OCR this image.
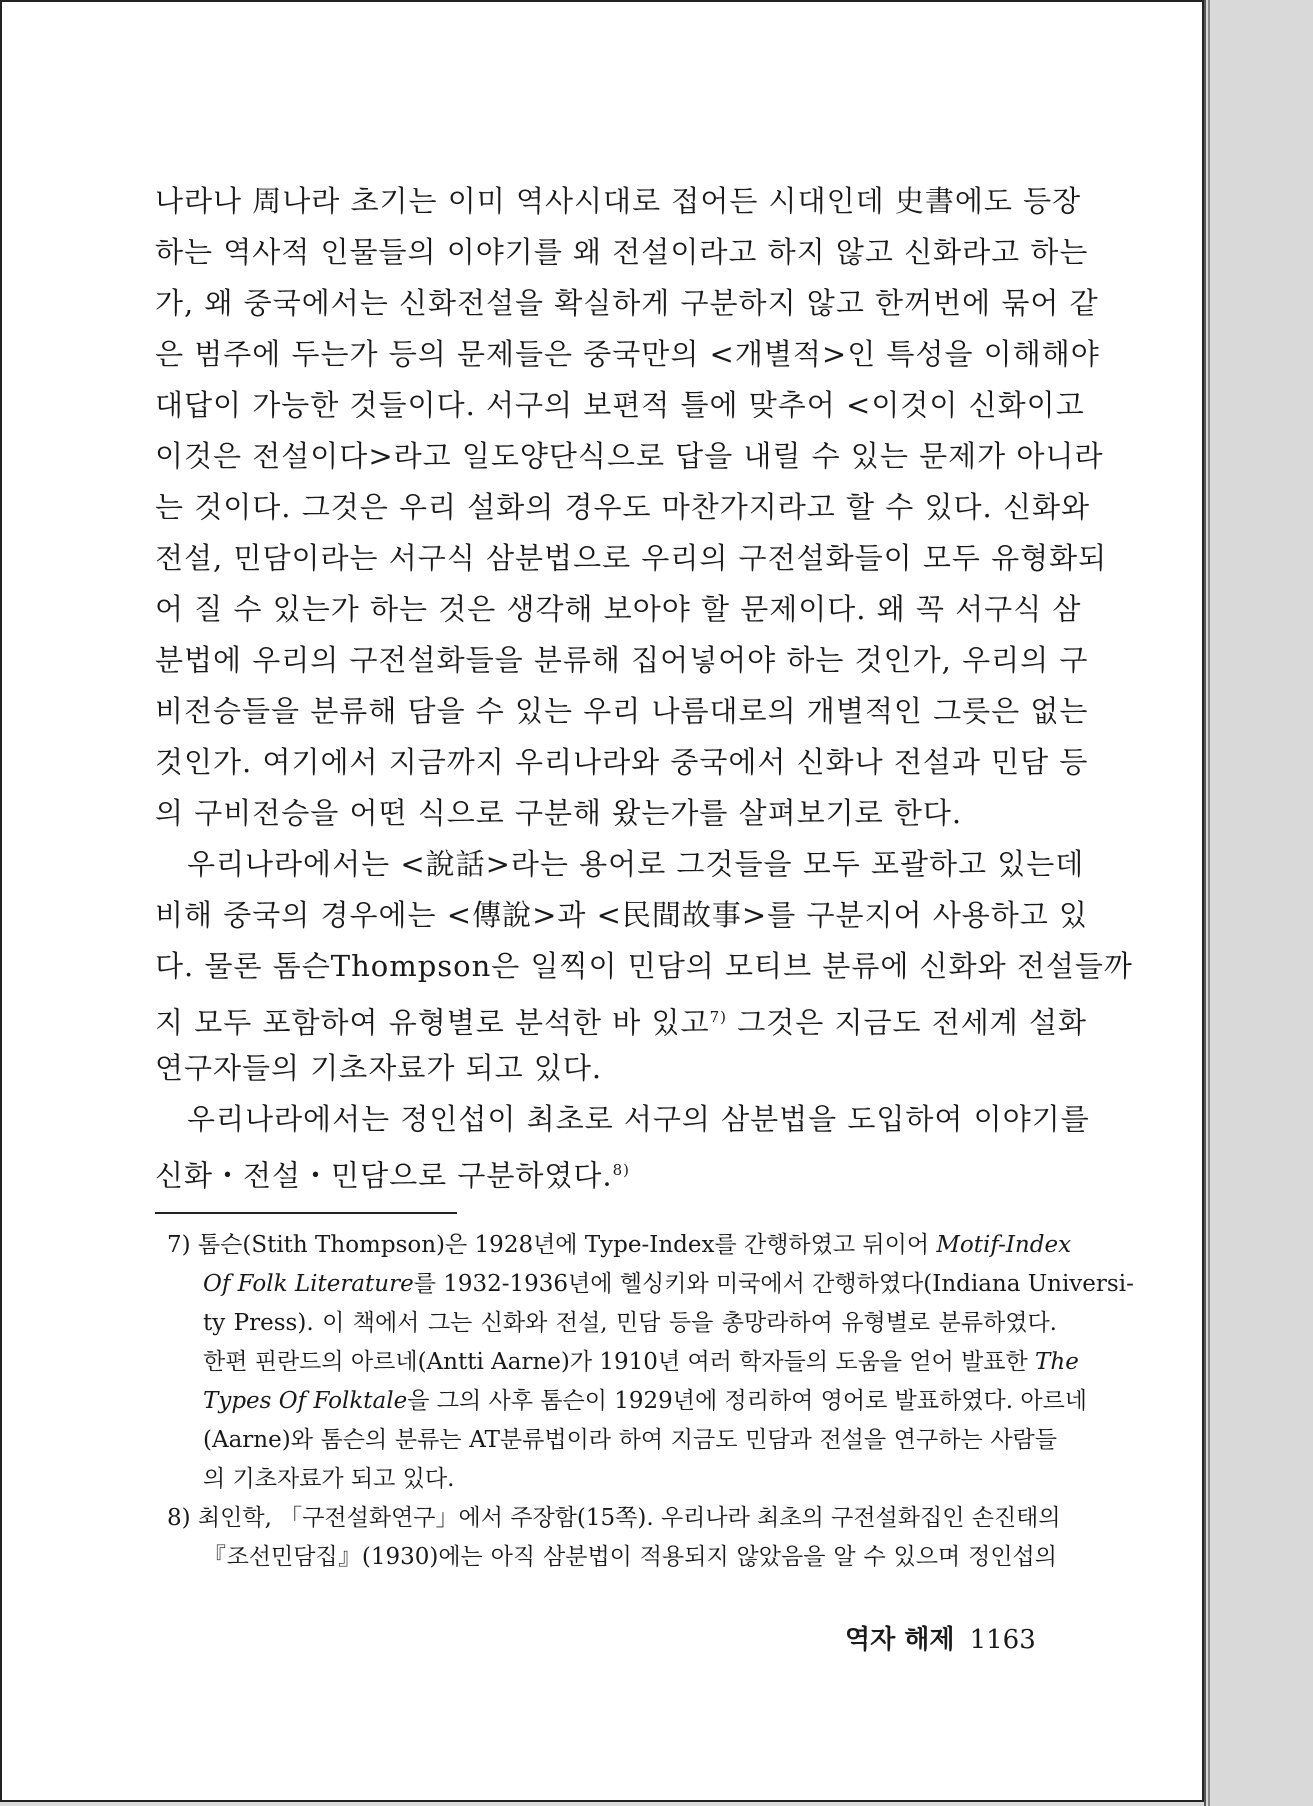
나라나 周나라 초기는 이미 역사시대로 접어든 시대인데 史書에도 등장
하는 역사적 인물들의 이야기를 왜 전설이라고 하지 않고 신화라고 하는
가, 왜 중국에서는 신화전설을 확실하게 구분하지 않고 한꺼번에 묶어 같
은 범주에 두는가 등의 문제들은 중국만의 <개별적>인 특성을 이해해야
대답이 가능한 것들이다. 서구의 보편적 틀에 맞추어 <이것이 신화이고
이것은 전설이다>라고 일도양단식으로 답을 내릴 수 있는 문제가 아니라
는 것이다. 그것은 우리 설화의 경우도 마찬가지라고 할 수 있다. 신화와
전설, 민담이라는 서구식 삼분법으로 우리의 구전설화들이 모두 유형화되
어 질 수 있는가 하는 것은 생각해 보아야 할 문제이다. 왜 꼭 서구식 삼
분법에 우리의 구전설화들을 분류해 집어넣어야 하는 것인가, 우리의 구
비전승들을 분류해 담을 수 있는 우리 나름대로의 개별적인 그릇은 없는
것인가. 여기에서 지금까지 우리나라와 중국에서 신화나 전설과 민담 등
의 구비전승을 어떤 식으로 구분해 왔는가를 살펴보기로 한다.
우리나라에서는 <說話>라는 용어로 그것들을 모두 포괄하고 있는데
비해 중국의 경우에는 <傳說>과 <民間故事>를 구분지어 사용하고 있
다. 물론 톰슨Thompson은 일찍이 민담의 모티브 분류에 신화와 전설들까
지 모두 포함하여 유형별로 분석한 바 있고$^{7)}$ 그것은 지금도 전세계 설화
연구자들의 기초자료가 되고 있다.
우리나라에서는 정인섭이 최초로 서구의 삼분법을 도입하여 이야기를
신화・전설・민담으로 구분하였다.$^{8)}$
7) 톰슨(Stith Thompson)은 1928년에 Type-Index를 간행하였고 뒤이어 Motif-Index
Of Folk Literature를 1932-1936년에 헬싱키와 미국에서 간행하였다(Indiana Universi-
ty Press). 이 책에서 그는 신화와 전설, 민담 등을 총망라하여 유형별로 분류하였다.
한편 핀란드의 아르네(Antti Aarne)가 1910년 여러 학자들의 도움을 얻어 발표한 The
Types Of Folktale을 그의 사후 톰슨이 1929년에 정리하여 영어로 발표하였다. 아르네
(Aarne)와 톰슨의 분류는 AT분류법이라 하여 지금도 민담과 전설을 연구하는 사람들
의 기초자료가 되고 있다.
8) 최인학, 「구전설화연구」에서 주장함(15쪽). 우리나라 최초의 구전설화집인 손진태의
『조선민담집』(1930)에는 아직 삼분법이 적용되지 않았음을 알 수 있으며 정인섭의
역자 해제 1163
